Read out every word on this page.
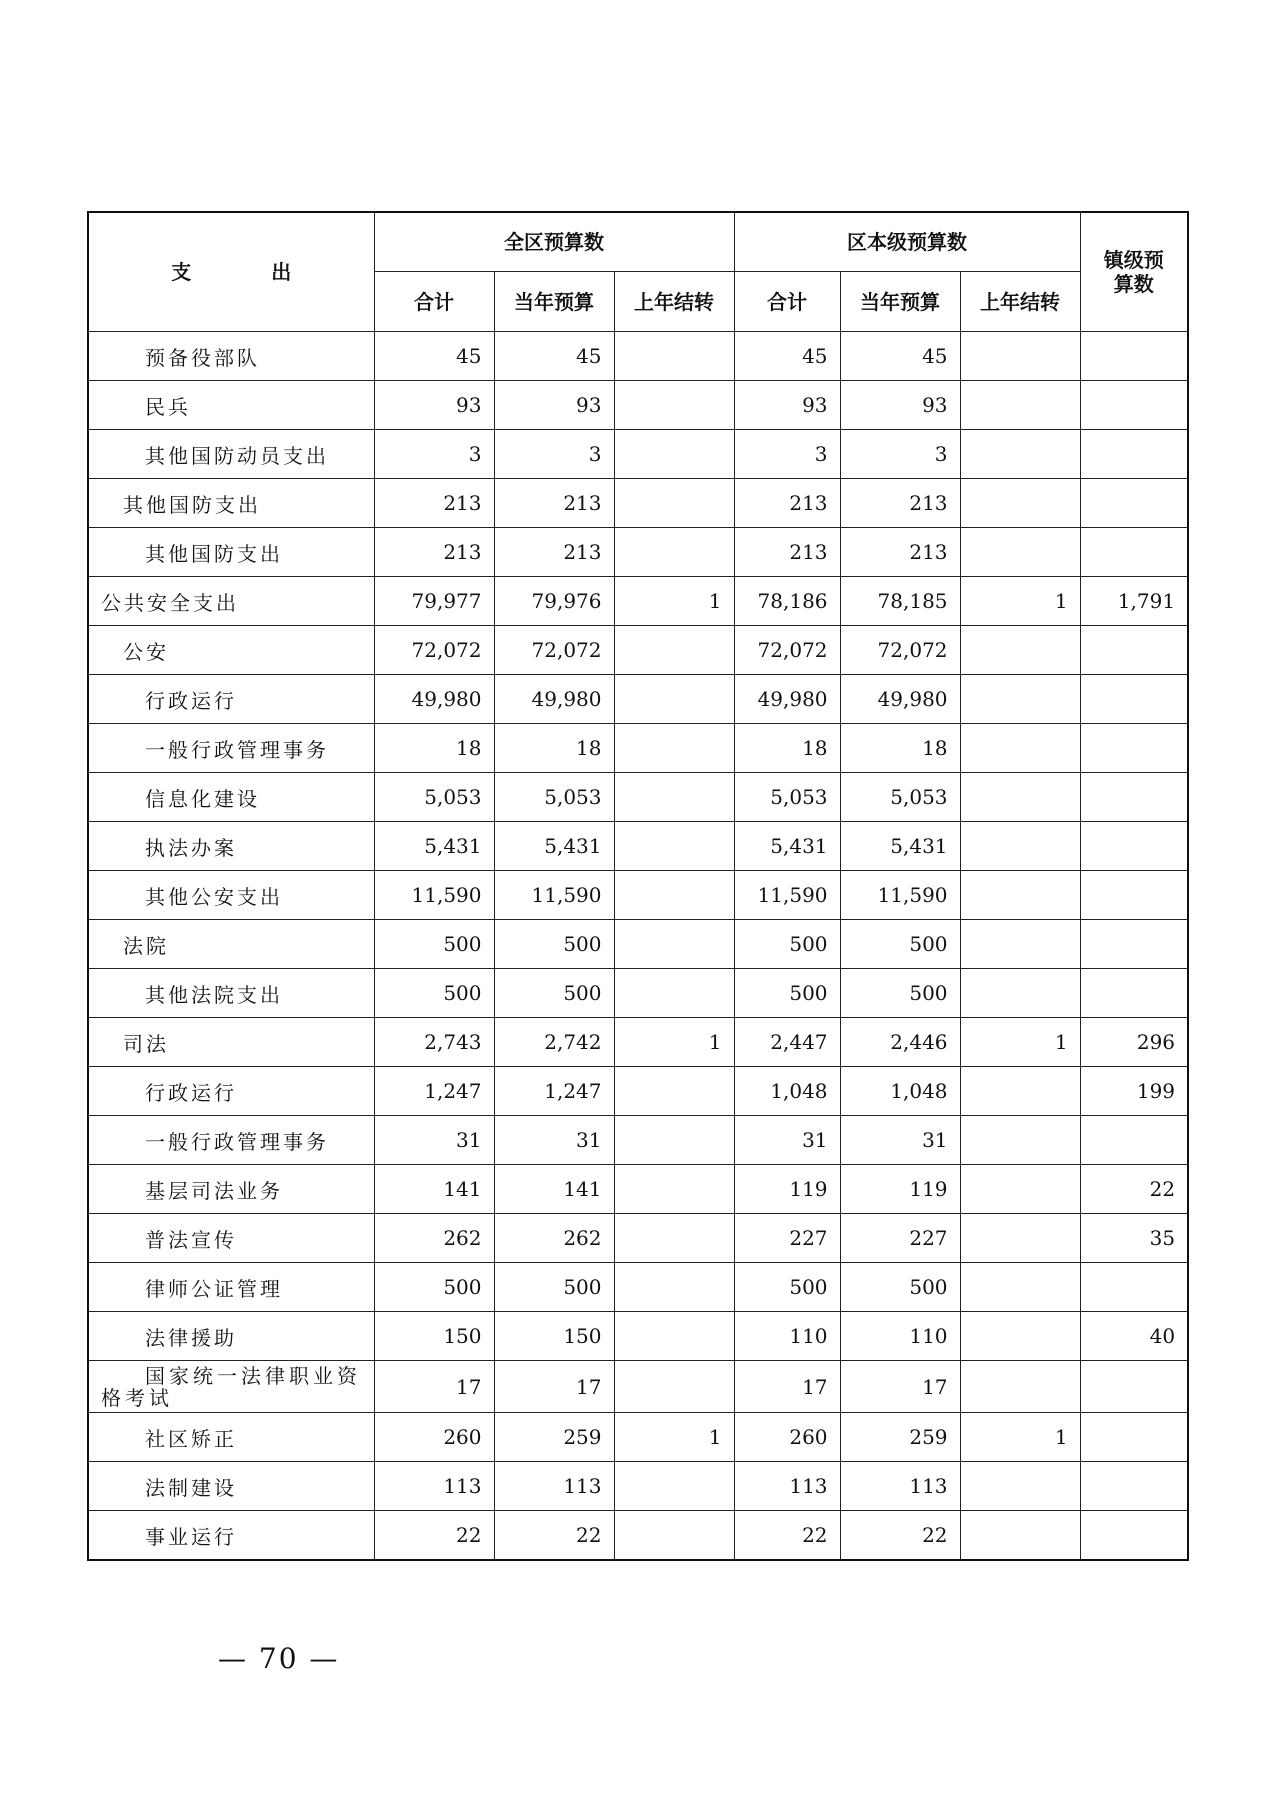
支　出	全区预算数			区本级预算数			镇级预
算数
	合计	当年预算	上年结转	合计	当年预算	上年结转	
预备役部队	45	45		45	45		
民兵	93	93		93	93		
其他国防动员支出	3	3		3	3		
其他国防支出	213	213		213	213		
其他国防支出	213	213		213	213		
公共安全支出	79,977	79,976	1	78,186	78,185	1	1,791
公安	72,072	72,072		72,072	72,072		
行政运行	49,980	49,980		49,980	49,980		
一般行政管理事务	18	18		18	18		
信息化建设	5,053	5,053		5,053	5,053		
执法办案	5,431	5,431		5,431	5,431		
其他公安支出	11,590	11,590		11,590	11,590		
法院	500	500		500	500		
其他法院支出	500	500		500	500		
司法	2,743	2,742	1	2,447	2,446	1	296
行政运行	1,247	1,247		1,048	1,048		199
一般行政管理事务	31	31		31	31		
基层司法业务	141	141		119	119		22
普法宣传	262	262		227	227		35
律师公证管理	500	500		500	500		
法律援助	150	150		110	110		40
国家统一法律职业资格考试	17	17		17	17		
社区矫正	260	259	1	260	259	1	
法制建设	113	113		113	113		
事业运行	22	22		22	22		
— 70 —
